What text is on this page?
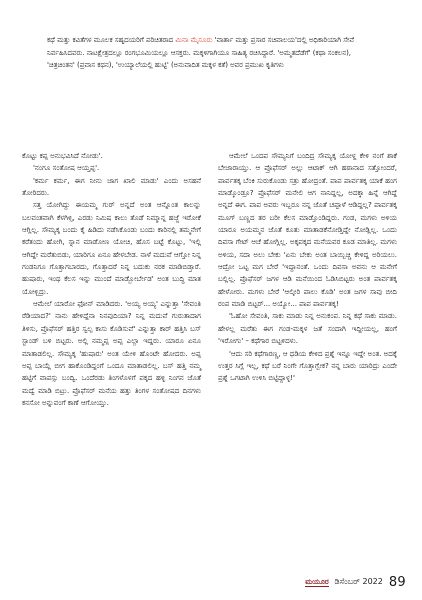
ಕಥೆ ಮತ್ತು ಕವಿತೆಗಳ ಮೂಲಕ ಸಹೃದಯರಿಗೆ ಪರಿಚಿತರಾದ ಮಿನಾ ಮೈಸೂರು 'ವಾರ್ತಾ ಮತ್ತು ಪ್ರಸಾರ ಸಚಿವಾಲಯ'ದಲ್ಲಿ ಅಧಿಕಾರಿಯಾಗಿ ಸೇವೆ ನಿರ್ವಹಿಸಿದವರು. ನಾಟಕ್ಷೇತ್ರದಲ್ಲೂ ರಂಗಭೂಮಿಯಲ್ಲೂ ಆಸಕ್ತರು. ಮಕ್ಕಳಿಗಾಗಿಯೂ ಸಾಹಿತ್ಯ ರಚಿಸಿದ್ದಾರೆ. 'ಅಮ್ಮತದೆಡೆಗೆ' (ಕಥಾ ಸಂಕಲನ), 'ಚಿತ್ರಚಿಂತನ' (ಪ್ರವಾಸ ಕಥನ), 'ಉಯ್ಯಾಲೆಯಲ್ಲಿ ಹುಟ್ಟಿ' (ಅನುವಾದಿತ ಮಕ್ಕಳ ಕತೆ) ಅವರ ಪ್ರಮುಖ ಕೃತಿಗಳು

ಕೊಟ್ಟು ಕಪ್ಪ ಅನುಭವಿಸಿದೆ ನೋಡು'.

'ನಂಗೂ ಸಂತೋಷ ಆಯ್ತಪ್ಪ'.

'ಕರ್ಮ ಕರ್ಮ, ಈಗ ನೀನು ಜಾಗ ಖಾಲಿ ಮಾಡು' ಎಂದು ಅಸಹನೆ ತೋರಿದರು.

ಸತ್ತ ಯೋಗಿದ್ದು ಈಯಮ್ಮ ಗುರ್ ಅನ್ನದೆ ಅಂತ ಆನ್ನೊಂತ ಕಾಲನ್ನು ಬಲವಂತವಾಗಿ ಕೆಳಗಿಳ್ಸಿ, ಎರಡು ನಿಮಿಷ ಕಾಲು ತೊಡೆ ನಿಮ್ಮಾನ್ನ ಹಜ್ಜೆ ಇರೋಕೆ ಆಗ್ಲಿಲ್ಲ. ಸೌಮ್ಯಕ್ಕ ಬಂದು ಕೈ ಹಿಡಿದು ನಡೆಸಿಕೊಂಡು ಬಂದು ಕಾರಿನಲ್ಲಿ ತಮ್ಮನೇಗೆ ಕರೆತಂದು ಹೋಗಿ, ಸ್ನಾನ ಮಾಡೋಣ ಯೋಚಿ, ಹೊಸ ಬಟ್ಟೆ ಕೊಟ್ಟು, 'ಇಲ್ಲಿ ಆಗಿದ್ದೇ ಮರೆತುಬಿಡು, ಯಾರಿಗೂ ಏನೂ ಹೇಳಬೇಡ. ನಾಳೆ ಮದುವೆ ಆಗ್ತೋ ನಿನ್ನ ಗಂಡನಿಗೂ ಗೊತ್ತಾಗಬಾರದು, ಗೊತ್ತಾದರೆ ನಿನ್ನ ಬದುಕು ನರಕ ಮಾಡಿಬಿಡ್ತಾರೆ. ಹುಷಾರು, ಇಂಥ ಕೆಲಸ ಇನ್ನು ಮುಂದೆ ಮಾಡ್ಬೋರ್ಬೇಡ' ಅಂತ ಬುದ್ಧಿ ಮಾತ ಯೋಳ್ಬಿದ್ರು.

ಆಮೇಲೆ ಯಾರೋ ಫೋನ್ ಮಾಡಿದರು. 'ಅಯ್ಯ ಅಯ್ಯ' ಎನ್ನುತ್ತಾ 'ಸೇವಂತಿ ರೆಡಿಯಾದ?' ನಾನು ಹೇಳಿದ್ದೆನಾ ನಿನಪುದಿಯಾ? ನಿನ್ನ ಮದುವೆ ಗುರುತಾದಾಗ ತಿಳಿಸು, ಪ್ರೊಫೆಸರ್ ಹತ್ತಿರ ಸ್ವಲ್ಪ ಕಾಸು ಕೊಡಿಸುವೆ' ಎನ್ನುತ್ತಾ ಕಾರ್ ಹತ್ತಿಸಿ ಬಸ್ ಸ್ಟಾಂಡ್ ಬಳಿ ಬಿಟ್ಟರು. ಅಲ್ಲಿ ನಮ್ಮಪ್ಪ ಅಪ್ಪ ಎಲ್ಲಾ ಇದ್ದರು. ಯಾರೂ ಏನೂ ಮಾತಾಡಲಿಲ್ಲ. ಸೌಮ್ಯಕ್ಕ 'ಹುಷಾರು' ಅಂತ ಯೇಳಿ ಹೊಂಟೇ ಹೋದರು. ಅಪ್ಪ ಅಪ್ಪ ಬಾಯ್ಲೆ ಬೀಗ ಹಾಕೊಂಡಿದ್ದಂಗೆ ಒಂದೂ ಮಾತಾಡಲಿಲ್ಲ. ಬಸ್ ಹತ್ತಿ ನಮ್ಮ ಹಟ್ಟಿಗೆ ವಾಪಸ್ಸು ಬಂದ್ವಿ. ಒಂದೆರಡು ತಿಂಗಳೊಳಗೆ ಪಕ್ಕದ ಹಳ್ಳಿ ನಿಂಗನ ಜೊತೆ ಮದ್ವೆ ಮಾಡಿ ಬಿಟ್ರು. ಪ್ರೊಫೆಸರ್ ಮನೆಯ ಹತ್ತು ತಿಂಗಳ ಸಂತೋಷದ ದಿನಗಳು ಕನಸೋ ಅನ್ನುವಂಗೆ ಕಾಣೆ ಆಗೋಯ್ತು.

ಆಮೇಲೆ ಒಂದಪ ಸೌಮ್ಯನಿಗೆ ಬಂದಿದ್ರ ಸೌಮ್ಯಕ್ಕ ಯೋಳ್ದ ಕೇಳಿ ನಂಗೆ ಶಾಕೆ ಬೇಜಾರಾಯ್ತು. ಆ ಪ್ರೊಫೆಸರ್ ಅಲ್ಲು ಆಟಾಕ್ ಆಗಿ ಹಠಾನಾದ ಸತ್ತೋಂದರೆ, ಪಾರ್ವತಕ್ಕ ಬೆಂಕಿ ಸುರುಕೊಂಡು ಸತ್ರು ಹೋದ್ರಂತೆ. ಪಾಪ ಪಾರ್ವತಕ್ಕ ಯಾಕೆ ಹಂಗ ಮಾಡ್ಕೊಂಡ್ರೂ? ಪ್ರೊಫೆಸರ್ ಮನೇಲಿ ಆಗ ನಾನಿದ್ದಲ್ಲ, ಅದಕ್ಕಾ ಹಿನ್ನೆ ಆಗಿದ್ದೆ ಅನ್ನದೆ ಈಗ. ಪಾಪ ಅವರು ಇಬ್ಬರೂ ನನ್ನ ಜೊತೆ ಚಪ್ಪಾಳೆ ಆಡಿದ್ದಲ್ಲ? ಪಾರ್ವತಕ್ಕ ಮೂಗ್ ಬಣ್ಣದ ತರ ಬರೀ ಕೆಲಸ ಮಾಡ್ತೊಂಡಿದ್ದರು. ಗಂಡ, ಮಗಳು ಅಳಿಯ ಯಾರೂ ಅಯಮ್ಮನ ಜೊತೆ ಕೂತು ಮಾತಾಡಕೆನೋಡ್ತಿದ್ದೇ ನೋಡ್ಲಿಲ್ಲ. ಒಂದು ದಿವಸಾ ಗೇಟ್ ಆಚೆ ಹೋಗ್ಲಿಲ್ಲ. ಅಕ್ಕಪಕ್ಕದ ಮನೆಯವರ ಕೂಡ ಮಾತಿಲ್ಲ. ಮಗಳು ಅಳಿಯ, ಸದಾ ಅಲು ಬೇಕು 'ಏನು ಬೇಕು ಅಂತ ಬಾಯ್ಬಿಚ್ಚಿ ಕೇಳಿದ್ದ ಅರಿಯಲು. ಆದ್ರೋ ಒಟ್ಟ ಮಗ ಬೇರೆ 'ಇದ್ದಾನಂತೆ. ಒಂದು ದಿವಸಾ ಅವನು ಆ ಮನೇಗೆ ಬಲ್ಲಿಲ್ಲ. ಪ್ರೊಫೆಸರ್ ಜಗಳ ಆಡಿ ಮನೆಯಿಂದ ಓಡಿಸಿಬಿಟ್ಟರು ಅಂತ ಪಾರ್ವತಕ್ಕ ಹೇಳೋರು. ಮಗಳು ಬೇರೆ 'ಆಲ್ಕೀರಿ ಪಾಲು ಕೊಡಿ' ಅಂತ ಜಗಳ ಸಾವು ಬೀದಿ ರಂಪ ಮಾಡಿ ಬಿಟ್ಟರ್... ಅಯ್ಯೋ... ಪಾಪ ಪಾರ್ವತಕ್ಕ!

'ಓಹೋ ಸೇವಂತಿ, ಸಾಕು ಮಾಡು ನಿನ್ನ ಅನುಕಂಪ. ನಿನ್ನ ಕಥೆ ಸಾಕು ಮಾಡು. ಹೇಳಲ್ಲ ಮರೆತು ಈಗ ಗಂಡ-ಮಕ್ಕಳ ಜತೆ ಸಂದಾಗಿ ಇದ್ದೀಯಲ್ಲ, ಹಂಗೆ 'ಇರೋಗು' – ಕಥೆಗಾರ ಬಿಟ್ಟಳಿದಳು.

'ಆದು ಸರಿ ಕಥೆಗಾರಣ್ಣ, ಆ ಧಡಿಯ ಕೇಳಿದ ಪ್ರಶ್ನೆ ಇನ್ನೂ ಇದ್ದೇ ಅಂತ. ಅದಕ್ಕೆ ಉತ್ತರ ಸಿಗ್ಲೆ ಇಲ್ಲ, ಕಥೆ ಬರೆ ನಿಂಗೇ ಗೊತ್ತಾಗ್ಬೇಕ? ನನ್ನ ಬಾರು ಯಾರಿದ್ರು ಎಂದೇ ಪ್ರಶ್ನೆ ಒಗಟಾಗಿ ಉಳಿಸಿ ಬಿಟ್ಟಿದ್ದಾಳ್ಳ!'

ಮಯೂರ ಡಿಸೆಂಬರ್ 2022 89
